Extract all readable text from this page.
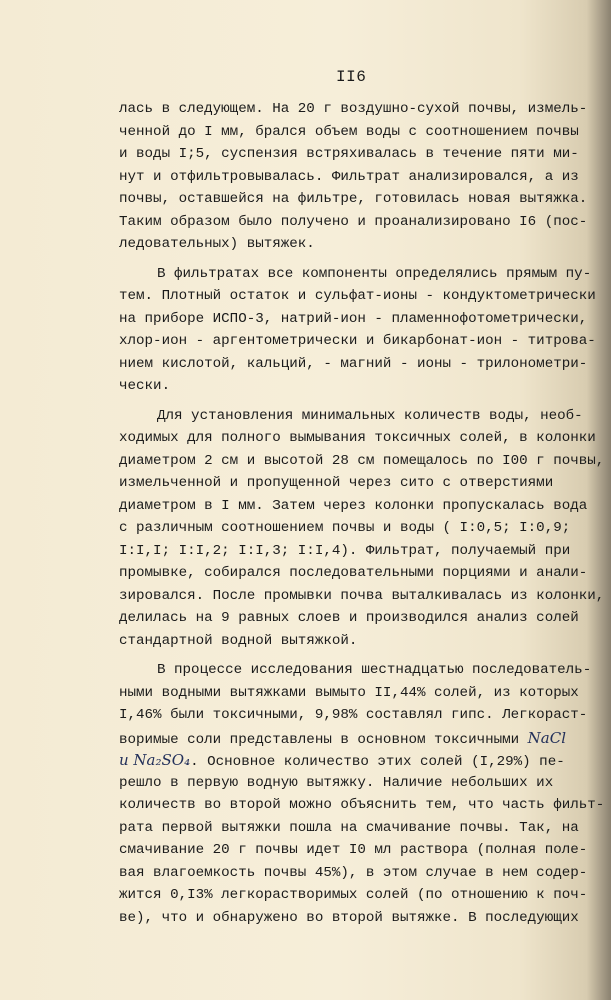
II6

лась в следующем. На 20 г воздушно-сухой почвы, измель-
ченной до I мм, брался объем воды с соотношением почвы
и воды I;5, суспензия встряхивалась в течение пяти ми-
нут и отфильтровывалась. Фильтрат анализировался, а из
почвы, оставшейся на фильтре, готовилась новая вытяжка.
Таким образом было получено и проанализировано I6 (пос-
ледовательных) вытяжек.

В фильтратах все компоненты определялись прямым пу-
тем. Плотный остаток и сульфат-ионы - кондуктометрически
на приборе ИСПО-3, натрий-ион - пламеннофотометрически,
хлор-ион - аргентометрически и бикарбонат-ион - титрова-
нием кислотой, кальций, - магний - ионы - трилонометри-
чески.

Для установления минимальных количеств воды, необ-
ходимых для полного вымывания токсичных солей, в колонки
диаметром 2 см и высотой 28 см помещалось по I00 г почвы,
измельченной и пропущенной через сито с отверстиями
диаметром в I мм. Затем через колонки пропускалась вода
с различным соотношением почвы и воды ( I:0,5; I:0,9;
I:I,I; I:I,2; I:I,3; I:I,4). Фильтрат, получаемый при
промывке, собирался последовательными порциями и анали-
зировался. После промывки почва выталкивалась из колонки,
делилась на 9 равных слоев и производился анализ солей
стандартной водной вытяжкой.

В процессе исследования шестнадцатью последователь-
ными водными вытяжками вымыто II,44% солей, из которых
I,46% были токсичными, 9,98% составлял гипс. Легкораст-
воримые соли представлены в основном токсичными NaCl
и Na₂SO₄. Основное количество этих солей (I,29%) пе-
решло в первую водную вытяжку. Наличие небольших их
количеств во второй можно объяснить тем, что часть фильт-
рата первой вытяжки пошла на смачивание почвы. Так, на
смачивание 20 г почвы идет I0 мл раствора (полная поле-
вая влагоемкость почвы 45%), в этом случае в нем содер-
жится 0,I3% легкорастворимых солей (по отношению к поч-
ве), что и обнаружено во второй вытяжке. В последующих
